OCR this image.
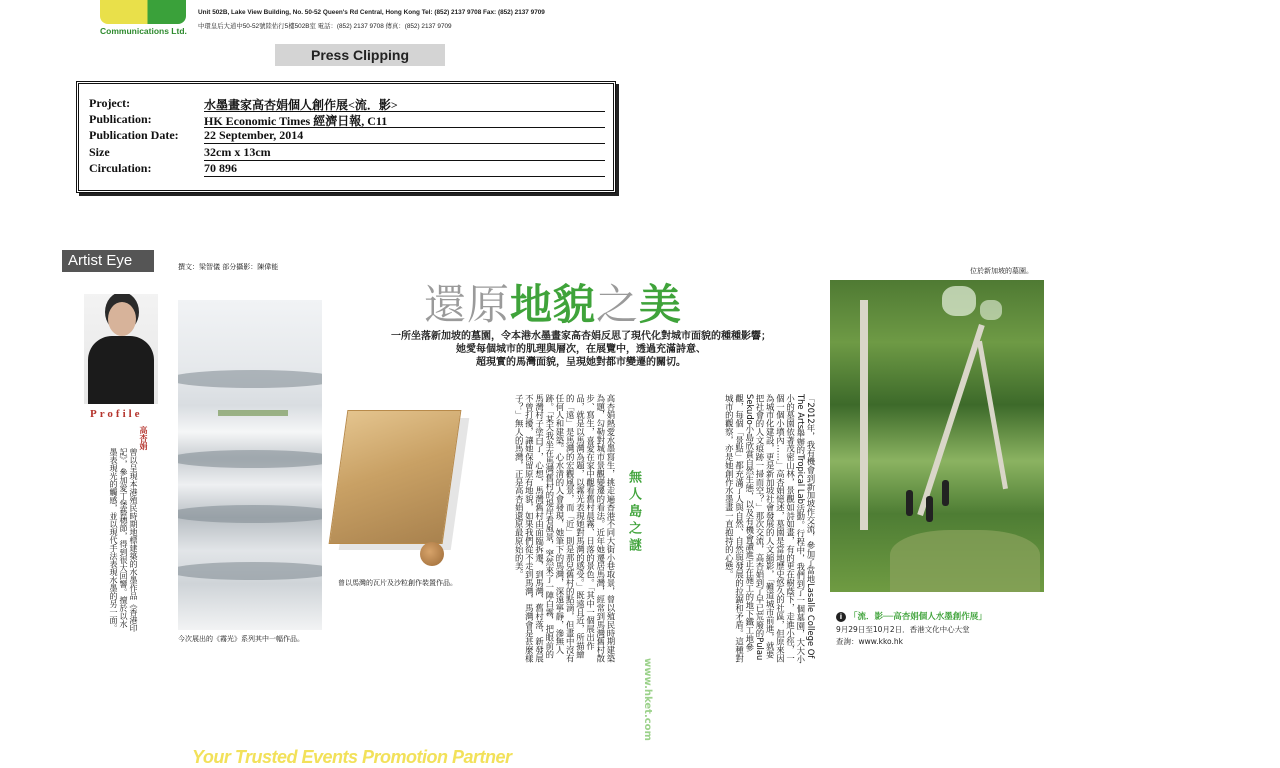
Communications Ltd.
Unit 502B, Lake View Building, No. 50-52 Queen's Rd Central, Hong Kong Tel: (852) 2137 9708 Fax: (852) 2137 9709
中環皇后大道中50-52號陸佑行5樓502B室 電話：(852) 2137 9708 傳真：(852) 2137 9709
Press Clipping
Project:	水墨畫家高杏娟個人創作展<流．影>
Publication:	HK Economic Times 經濟日報, C11
Publication Date: 22 September, 2014
Size	32cm x 13cm
Circulation:	70 896
Artist Eye	撰文：梁智儀 部分攝影：陳偉能
Profile
高杏娟
曾以呈現本港殖民時期地標建築的水墨作品《香港印記》，參加愛丁堡藝穗節，得到很大回響。擅於以水墨表現光的觸感，並以現代手法表現水墨的另一面。
今次展出的《霧光》系列其中一幅作品。
曾以馬灣的瓦片及沙粒創作裝置作品。
還原地貌之美
一所坐落新加坡的墓園，令本港水墨畫家高杏娟反思了現代化對城市面貌的種種影響；
她愛每個城市的肌理與層次，在展覽中，透過充滿詩意、
超現實的馬灣面貌，呈現她對都市變遷的關切。
「2012年，我有機會到新加坡作交流，參加了當地Lasalle College Of The Arts舉辦的Tropical Lab活動。行程中，我們到了一個墓園，大大小小的墓園依著茂密山林，景觀如詩如畫，有的更在樹蔭下，走進小徑，一個一個小墳內……」高杏娟憶述，墓園是當地歷史悠久的社區，但原來因為城市化建設，更是新加坡社會發展的人文縮影，「難道城市前進，就要把社會的人文痕跡一掃而空？」那次交流，高杏娟到了早已荒廢的Pulau Sekudo小島欣賞自然生態，以及有機會讀進正在施工的地下鐵工地參觀，每個「景點」都充滿了人與自然、自然與發展的拉鋸和矛盾。這種對城市的觀察，亦是她創作水墨畫一直抱持的心態。
無人島之謎
高杏娟熱愛水墨寫生，挑走遍香港不同大街小巷取景，曾以殖民時期建築為題，勾勒對城市景觀變遷的看法。近年她遷居馬灣，經常到馬灣舊村散步、寫生，喜愛在家中觀看舊村晨霧、日落的景色。「其中一個展出作品，就是以馬灣為題，以霧光表現她對馬灣的感受。」既遠且近，所描繪的「遠」是馬灣的宏觀風景，而「近」則是那兒舊村的點滴，但畫中沒有任何人和建築。心水清的人會發現，她筆下的馬灣，深遠寧靜，滲無人跡。「某天我坐在馬灣舊村的堤岸看風景，突然來了一陣白霧，把眼前的馬灣村子塗白了，心想，馬灣舊村由面臨拆遷，到馬灣、舊村落，新發展不曾打擾，讓她保留原有地貌，如果我們從不走到馬灣，馬灣會是甚麼樣子？」無人的馬灣，正是高杏娟還原最原始的美。
www.hket.com
位於新加坡的墓園。
i 「流．影──高杏娟個人水墨創作展」
9月29日至10月2日．香港文化中心大堂
查詢：www.kko.hk
Your Trusted Events Promotion Partner
